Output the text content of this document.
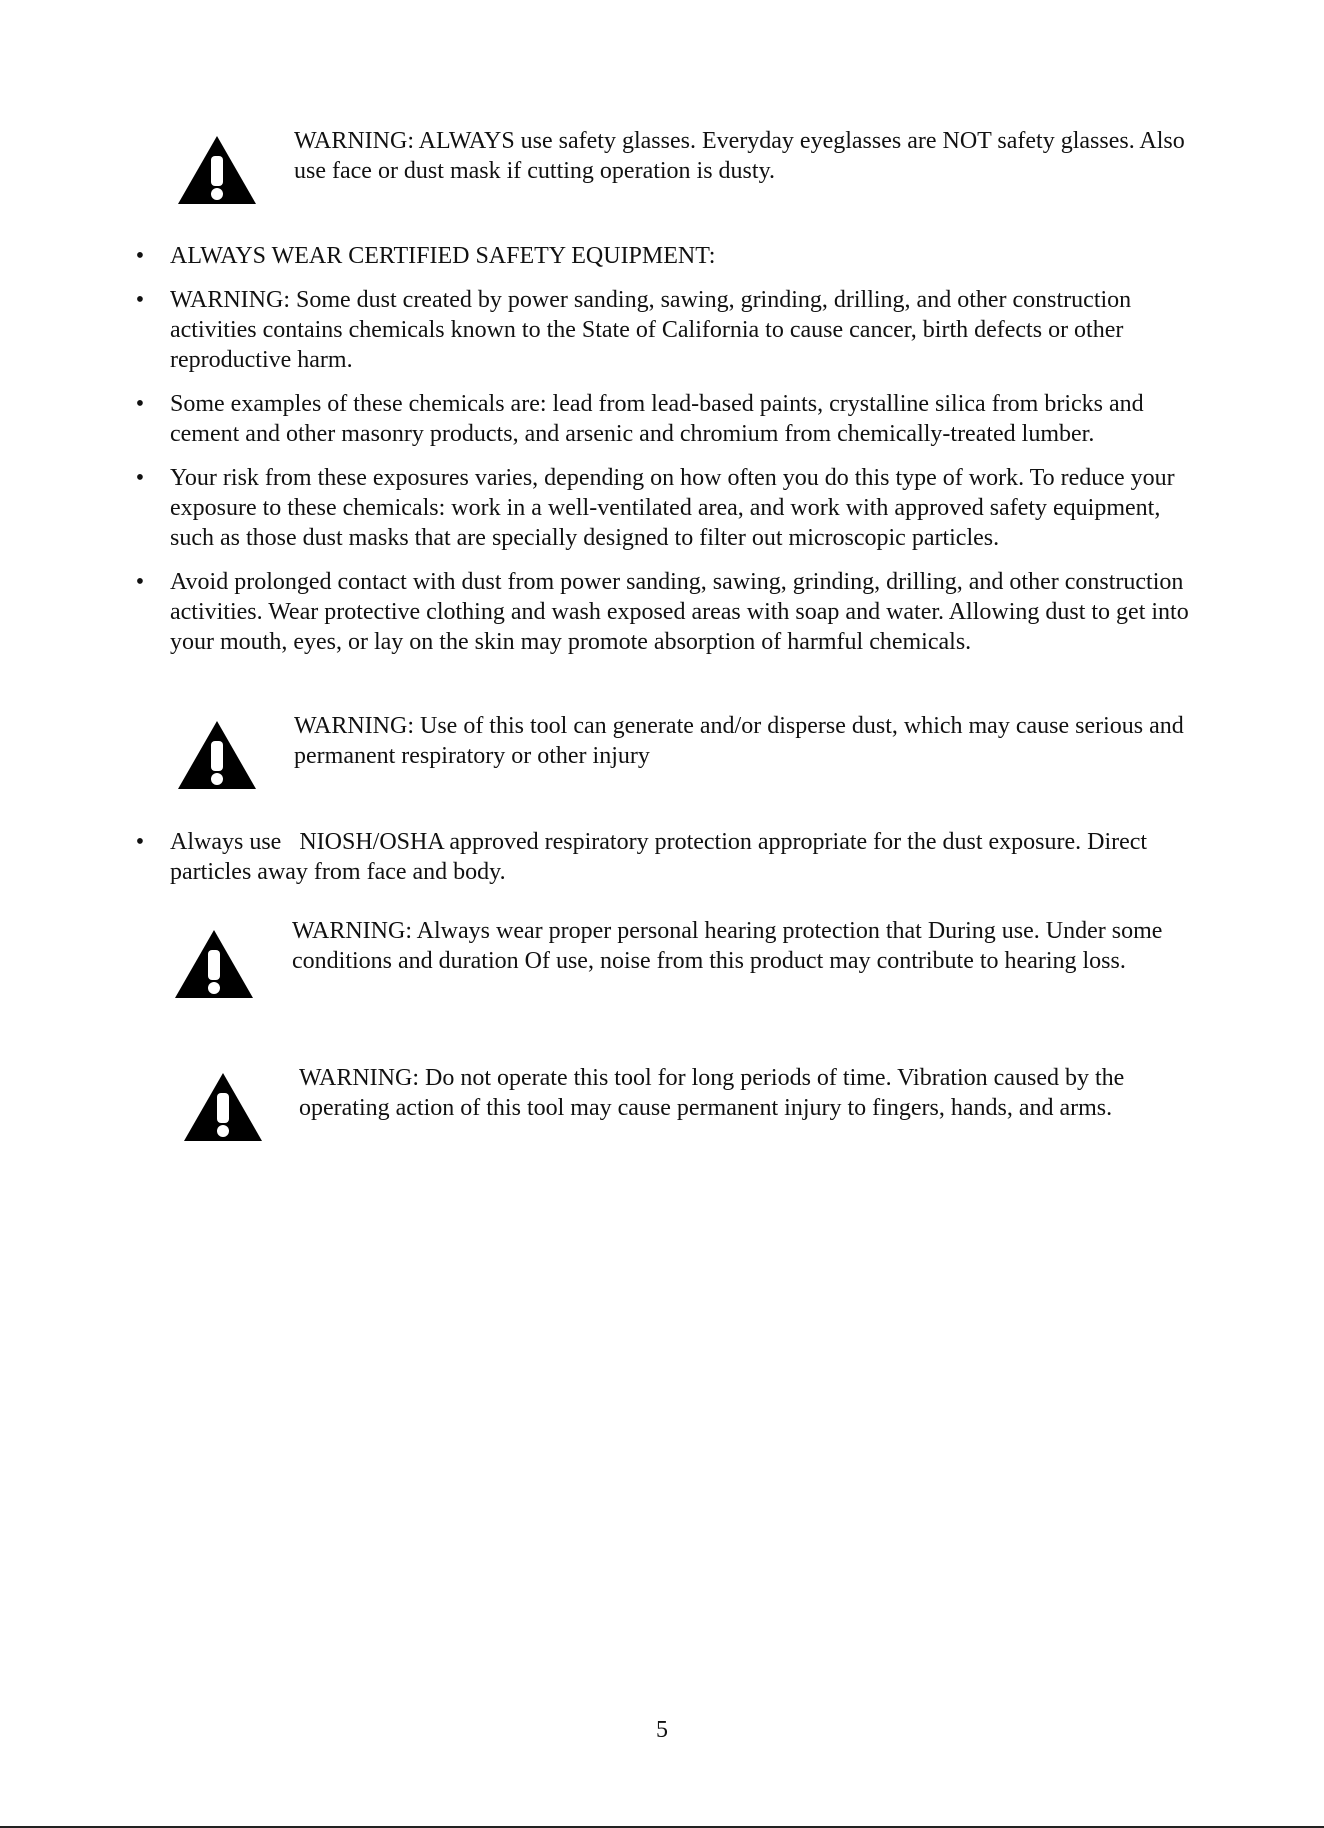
WARNING: ALWAYS use safety glasses. Everyday eyeglasses are NOT safety glasses. Also use face or dust mask if cutting operation is dusty.
• ALWAYS WEAR CERTIFIED SAFETY EQUIPMENT:
• WARNING: Some dust created by power sanding, sawing, grinding, drilling, and other construction activities contains chemicals known to the State of California to cause cancer, birth defects or other reproductive harm.
• Some examples of these chemicals are: lead from lead-based paints, crystalline silica from bricks and cement and other masonry products, and arsenic and chromium from chemically-treated lumber.
• Your risk from these exposures varies, depending on how often you do this type of work. To reduce your exposure to these chemicals: work in a well-ventilated area, and work with approved safety equipment, such as those dust masks that are specially designed to filter out microscopic particles.
• Avoid prolonged contact with dust from power sanding, sawing, grinding, drilling, and other construction activities. Wear protective clothing and wash exposed areas with soap and water. Allowing dust to get into your mouth, eyes, or lay on the skin may promote absorption of harmful chemicals.
WARNING: Use of this tool can generate and/or disperse dust, which may cause serious and permanent respiratory or other injury
• Always use   NIOSH/OSHA approved respiratory protection appropriate for the dust exposure. Direct particles away from face and body.
WARNING: Always wear proper personal hearing protection that During use. Under some conditions and duration Of use, noise from this product may contribute to hearing loss.
WARNING: Do not operate this tool for long periods of time. Vibration caused by the operating action of this tool may cause permanent injury to fingers, hands, and arms.
5
